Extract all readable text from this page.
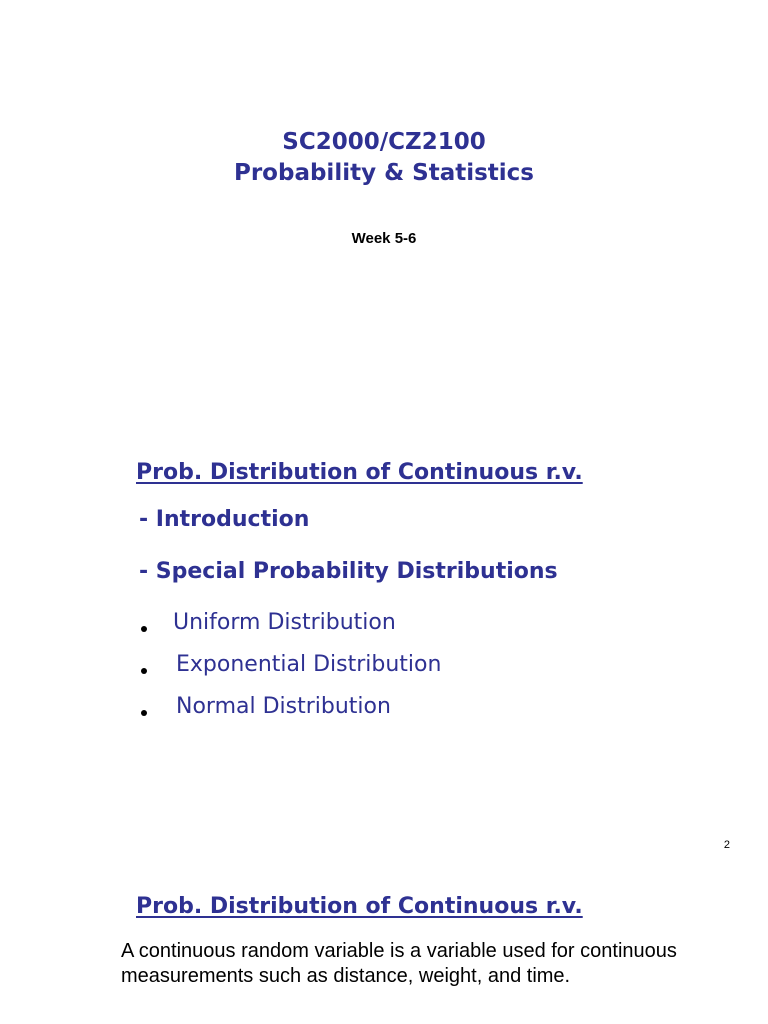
SC2000/CZ2100
Probability & Statistics
Week 5-6
Prob. Distribution of Continuous r.v.
- Introduction
- Special Probability Distributions
Uniform Distribution
Exponential Distribution
Normal Distribution
2
Prob. Distribution of Continuous r.v.
A continuous random variable is a variable used for continuous measurements such as distance, weight, and time.
